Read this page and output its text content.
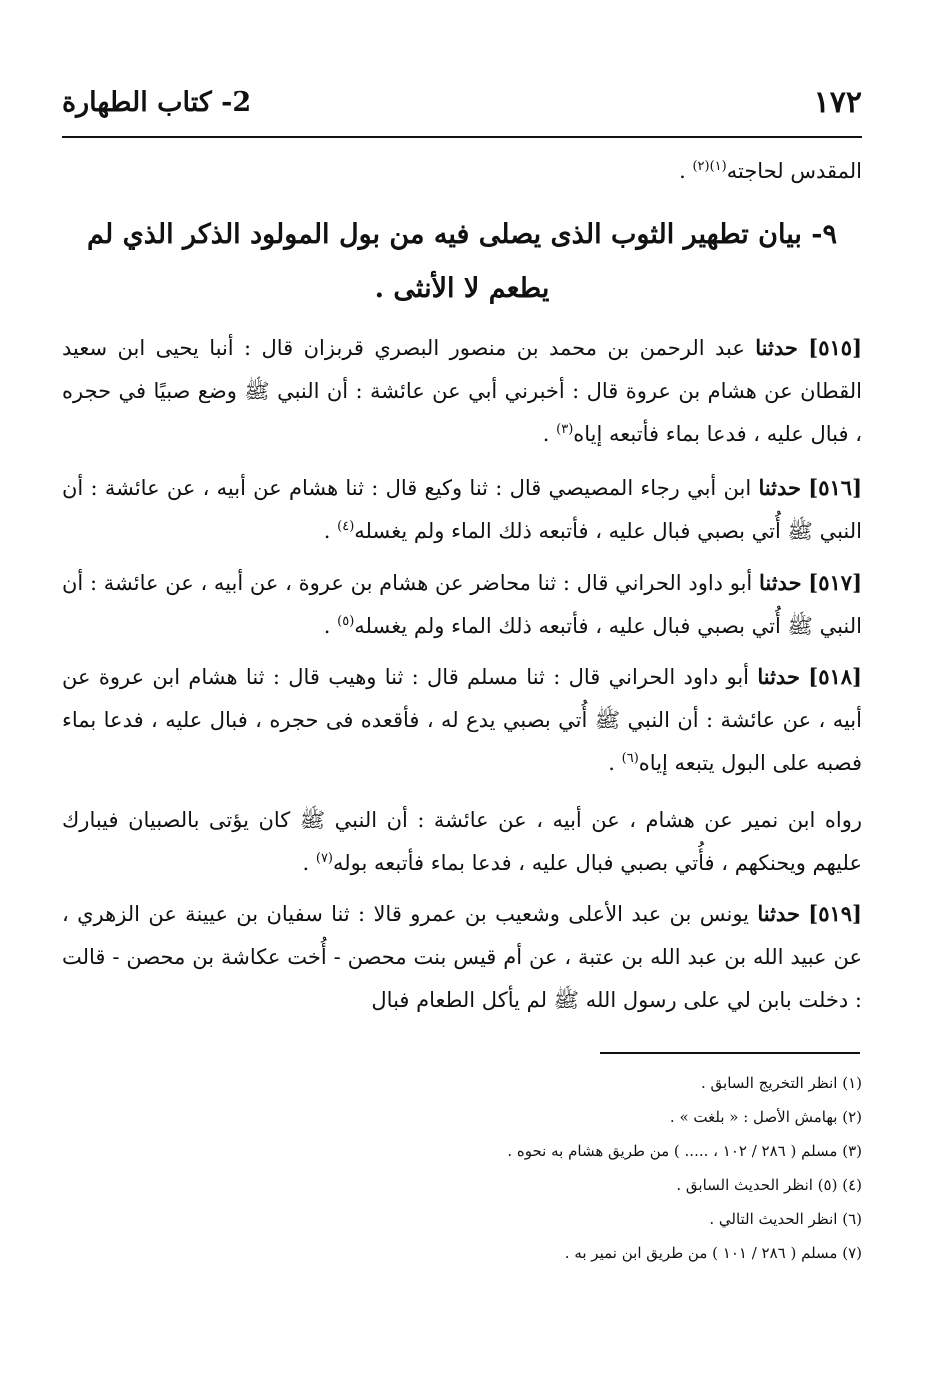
١٧٢
2- كتاب الطهارة
المقدس لحاجته$^{(١)(٢)}$ .
٩- بيان تطهير الثوب الذى يصلى فيه من بول المولود الذكر الذي لم يطعم لا الأنثى .
[٥١٥] حدثنا عبد الرحمن بن محمد بن منصور البصري قربزان قال : أنبا يحيى ابن سعيد القطان عن هشام بن عروة قال : أخبرني أبي عن عائشة : أن النبي ﷺ وضع صبيًا في حجره ، فبال عليه ، فدعا بماء فأتبعه إياه$^{(٣)}$ .
[٥١٦] حدثنا ابن أبي رجاء المصيصي قال : ثنا وكيع قال : ثنا هشام عن أبيه ، عن عائشة : أن النبي ﷺ أُتي بصبي فبال عليه ، فأتبعه ذلك الماء ولم يغسله$^{(٤)}$ .
[٥١٧] حدثنا أبو داود الحراني قال : ثنا محاضر عن هشام بن عروة ، عن أبيه ، عن عائشة : أن النبي ﷺ أُتي بصبي فبال عليه ، فأتبعه ذلك الماء ولم يغسله$^{(٥)}$ .
[٥١٨] حدثنا أبو داود الحراني قال : ثنا مسلم قال : ثنا وهيب قال : ثنا هشام ابن عروة عن أبيه ، عن عائشة : أن النبي ﷺ أُتي بصبي يدع له ، فأقعده فى حجره ، فبال عليه ، فدعا بماء فصبه على البول يتبعه إياه$^{(٦)}$ .
رواه ابن نمير عن هشام ، عن أبيه ، عن عائشة : أن النبي ﷺ كان يؤتى بالصبيان فيبارك عليهم ويحنكهم ، فأُتي بصبي فبال عليه ، فدعا بماء فأتبعه بوله$^{(٧)}$ .
[٥١٩] حدثنا يونس بن عبد الأعلى وشعيب بن عمرو قالا : ثنا سفيان بن عيينة عن الزهري ، عن عبيد الله بن عبد الله بن عتبة ، عن أم قيس بنت محصن - أُخت عكاشة بن محصن - قالت : دخلت بابن لي على رسول الله ﷺ لم يأكل الطعام فبال
(١) انظر التخريج السابق .
(٢) بهامش الأصل : « بلغت » .
(٣) مسلم ( ٢٨٦ / ١٠٢ ، ..... ) من طريق هشام به نحوه .
(٤) (٥) انظر الحديث السابق .
(٦) انظر الحديث التالي .
(٧) مسلم ( ٢٨٦ / ١٠١ ) من طريق ابن نمير به .
